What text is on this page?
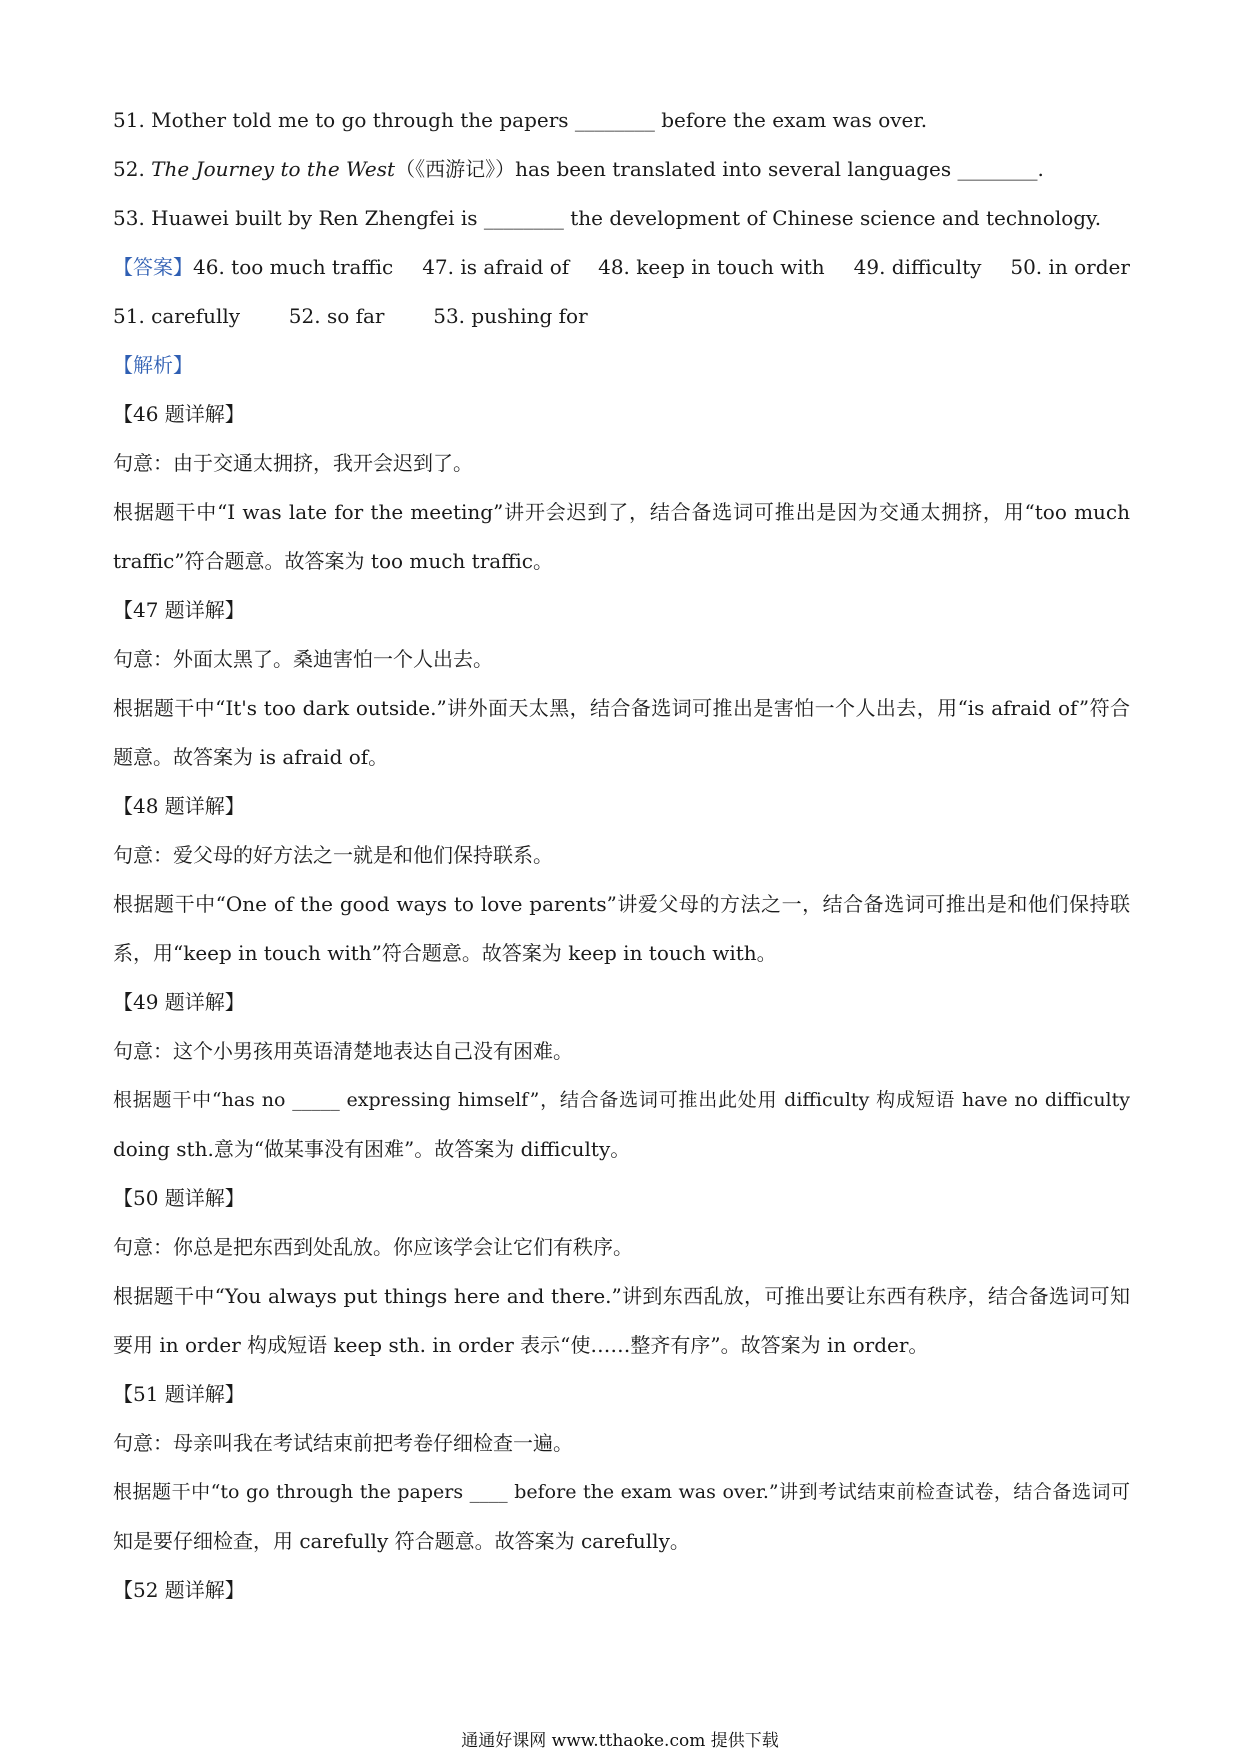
51. Mother told me to go through the papers ________ before the exam was over.
52. The Journey to the West（《西游记》）has been translated into several languages ________.
53. Huawei built by Ren Zhengfei is ________ the development of Chinese science and technology.
【答案】46. too much traffic 47. is afraid of 48. keep in touch with 49. difficulty 50. in order
51. carefully 52. so far 53. pushing for
【解析】
【46 题详解】
句意：由于交通太拥挤，我开会迟到了。
根据题干中“I was late for the meeting”讲开会迟到了，结合备选词可推出是因为交通太拥挤，用“too much
traffic”符合题意。故答案为 too much traffic。
【47 题详解】
句意：外面太黑了。桑迪害怕一个人出去。
根据题干中“It's too dark outside.”讲外面天太黑，结合备选词可推出是害怕一个人出去，用“is afraid of”符合
题意。故答案为 is afraid of。
【48 题详解】
句意：爱父母的好方法之一就是和他们保持联系。
根据题干中“One of the good ways to love parents”讲爱父母的方法之一，结合备选词可推出是和他们保持联
系，用“keep in touch with”符合题意。故答案为 keep in touch with。
【49 题详解】
句意：这个小男孩用英语清楚地表达自己没有困难。
根据题干中“has no _____ expressing himself”，结合备选词可推出此处用 difficulty 构成短语 have no difficulty
doing sth.意为“做某事没有困难”。故答案为 difficulty。
【50 题详解】
句意：你总是把东西到处乱放。你应该学会让它们有秩序。
根据题干中“You always put things here and there.”讲到东西乱放，可推出要让东西有秩序，结合备选词可知
要用 in order 构成短语 keep sth. in order 表示“使……整齐有序”。故答案为 in order。
【51 题详解】
句意：母亲叫我在考试结束前把考卷仔细检查一遍。
根据题干中“to go through the papers ____ before the exam was over.”讲到考试结束前检查试卷，结合备选词可
知是要仔细检查，用 carefully 符合题意。故答案为 carefully。
【52 题详解】
通通好课网 www.tthaoke.com 提供下载
